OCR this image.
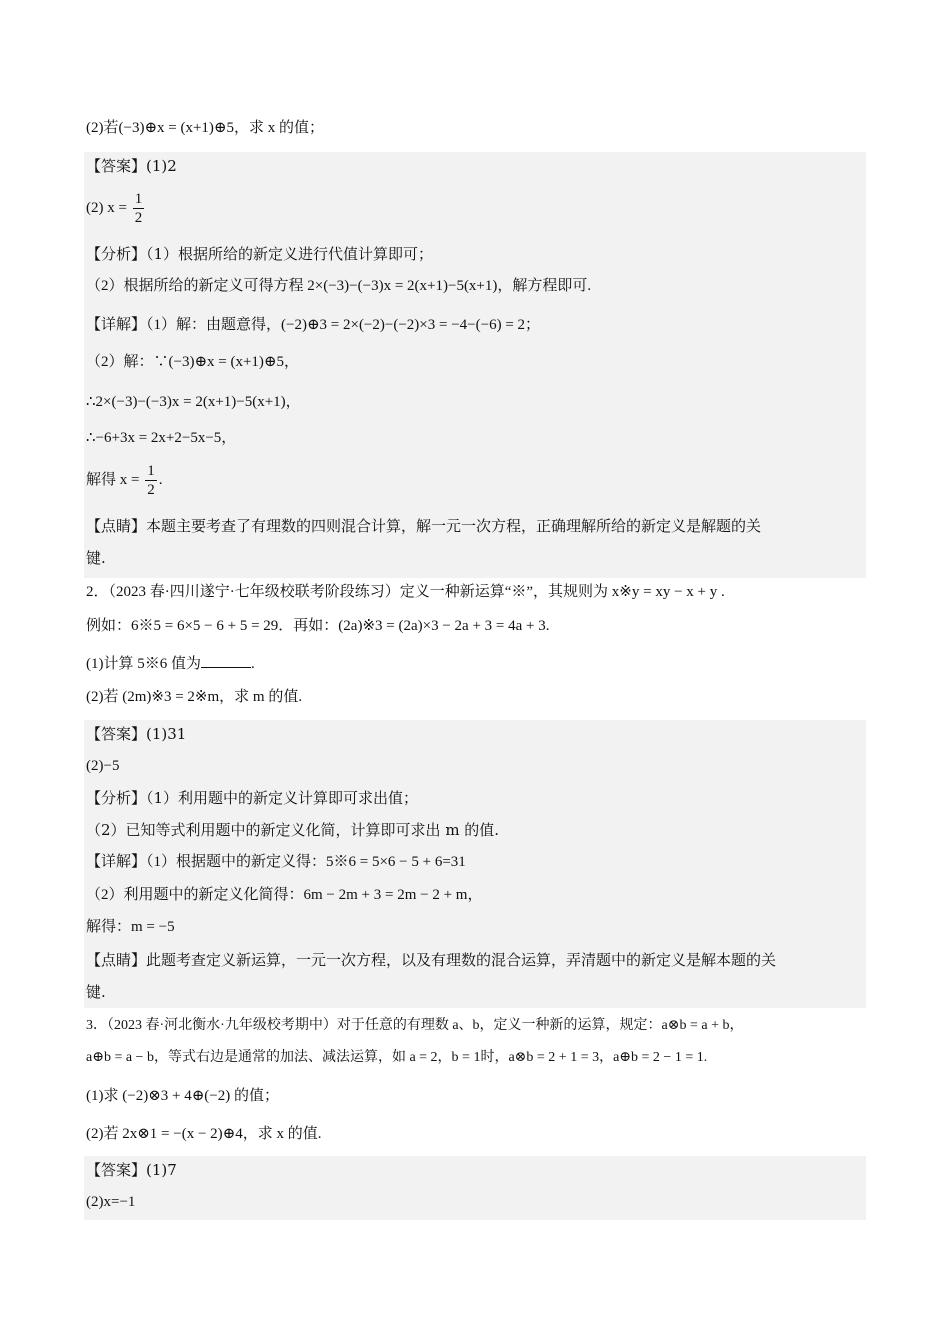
(2)若(−3)⊕x = (x+1)⊕5，求 x 的值；
【答案】(1)2
(2) $x = \frac{1}{2}$
【分析】（1）根据所给的新定义进行代值计算即可；
（2）根据所给的新定义可得方程 2×(−3)−(−3)x = 2(x+1)−5(x+1)，解方程即可.
【详解】（1）解：由题意得，(−2)⊕3 = 2×(−2)−(−2)×3 = −4−(−6) = 2；
（2）解：∵(−3)⊕x = (x+1)⊕5，
∴2×(−3)−(−3)x = 2(x+1)−5(x+1)，
∴−6+3x = 2x+2−5x−5，
解得 $x = \frac{1}{2}$ .
【点睛】本题主要考查了有理数的四则混合计算，解一元一次方程，正确理解所给的新定义是解题的关
键.
2．（2023 春·四川遂宁·七年级校联考阶段练习）定义一种新运算“※”，其规则为 x※y = xy − x + y .
例如：6※5 = 6×5 − 6 + 5 = 29．再如：(2a)※3 = (2a)×3 − 2a + 3 = 4a + 3.
(1)计算 5※6 值为	.
(2)若 (2m)※3 = 2※m，求 m 的值.
【答案】(1)31
(2)−5
【分析】（1）利用题中的新定义计算即可求出值；
（2）已知等式利用题中的新定义化简，计算即可求出 m 的值.
【详解】（1）根据题中的新定义得：5※6 = 5×6 − 5 + 6=31
（2）利用题中的新定义化简得：6m − 2m + 3 = 2m − 2 + m，
解得：m = −5
【点睛】此题考查定义新运算，一元一次方程，以及有理数的混合运算，弄清题中的新定义是解本题的关
键.
3．（2023 春·河北衡水·九年级校考期中）对于任意的有理数 a、b，定义一种新的运算，规定：a⊗b = a + b，
a⊕b = a − b，等式右边是通常的加法、减法运算，如 a = 2，b = 1时，a⊗b = 2 + 1 = 3，a⊕b = 2 − 1 = 1.
(1)求 (−2)⊗3 + 4⊕(−2) 的值；
(2)若 2x⊗1 = −(x − 2)⊕4，求 x 的值.
【答案】(1)7
(2)x=−1
